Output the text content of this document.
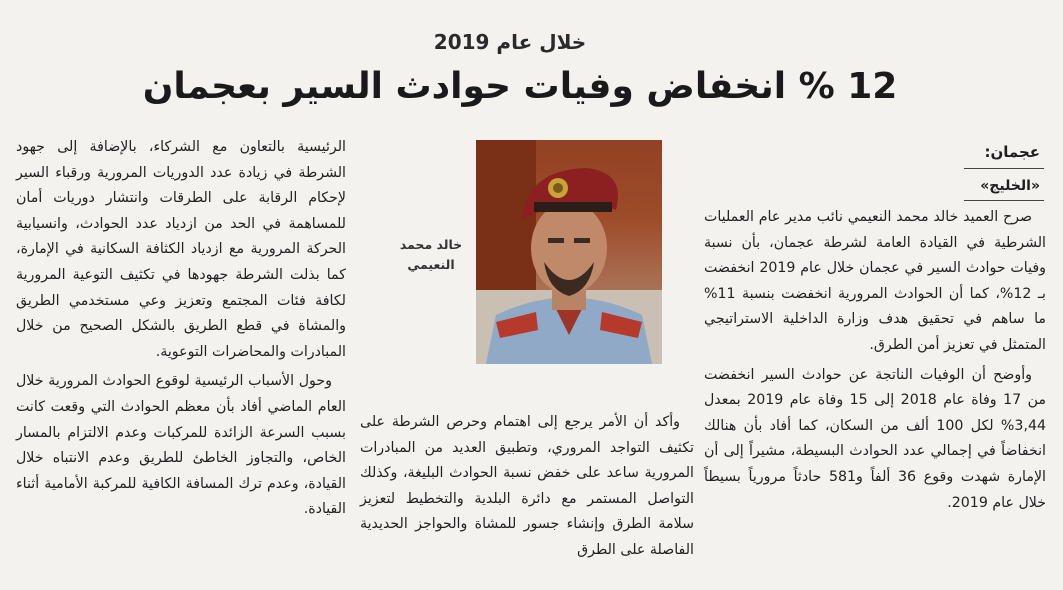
خلال عام 2019
12 % انخفاض وفيات حوادث السير بعجمان
عجمان:
«الخليج»

صرح العميد خالد محمد النعيمي نائب مدير عام العمليات الشرطية في القيادة العامة لشرطة عجمان، بأن نسبة وفيات حوادث السير في عجمان خلال عام 2019 انخفضت بـ 12%، كما أن الحوادث المرورية انخفضت بنسبة 11% ما ساهم في تحقيق هدف وزارة الداخلية الاستراتيجي المتمثل في تعزيز أمن الطرق.

وأوضح أن الوفيات الناتجة عن حوادث السير انخفضت من 17 وفاة عام 2018 إلى 15 وفاة عام 2019 بمعدل 3,44% لكل 100 ألف من السكان، كما أفاد بأن هنالك انخفاضاً في إجمالي عدد الحوادث البسيطة، مشيراً إلى أن الإمارة شهدت وقوع 36 ألفاً و581 حادثاً مرورياً بسيطاً خلال عام 2019.

خالد محمد النعيمي

وأكد أن الأمر يرجع إلى اهتمام وحرص الشرطة على تكثيف التواجد المروري، وتطبيق العديد من المبادرات المرورية ساعد على خفض نسبة الحوادث البليغة، وكذلك التواصل المستمر مع دائرة البلدية والتخطيط لتعزيز سلامة الطرق وإنشاء جسور للمشاة والحواجز الحديدية الفاصلة على الطرق

الرئيسية بالتعاون مع الشركاء، بالإضافة إلى جهود الشرطة في زيادة عدد الدوريات المرورية ورقباء السير لإحكام الرقابة على الطرقات وانتشار دوريات أمان للمساهمة في الحد من ازدياد عدد الحوادث، وانسيابية الحركة المرورية مع ازدياد الكثافة السكانية في الإمارة، كما بذلت الشرطة جهودها في تكثيف التوعية المرورية لكافة فئات المجتمع وتعزيز وعي مستخدمي الطريق والمشاة في قطع الطريق بالشكل الصحيح من خلال المبادرات والمحاضرات التوعوية.

وحول الأسباب الرئيسية لوقوع الحوادث المرورية خلال العام الماضي أفاد بأن معظم الحوادث التي وقعت كانت بسبب السرعة الزائدة للمركبات وعدم الالتزام بالمسار الخاص، والتجاوز الخاطئ للطريق وعدم الانتباه خلال القيادة، وعدم ترك المسافة الكافية للمركبة الأمامية أثناء القيادة.
